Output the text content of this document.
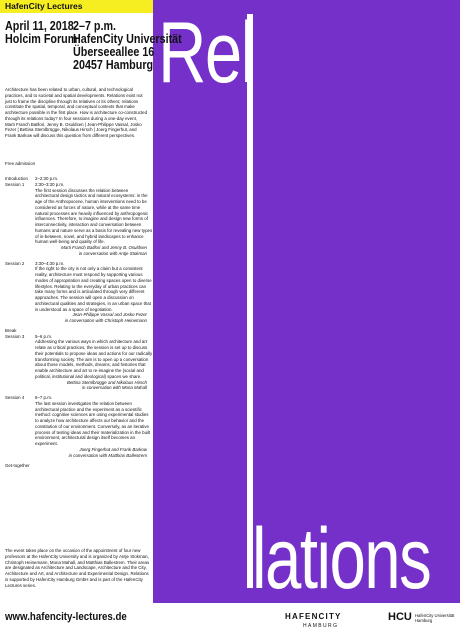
HafenCity Lectures Rel
lations
April 11, 2018 2–7 p.m.
Holcim Forum
HafenCity Universität
Überseeallee 16
20457 Hamburg
Architecture has been related to urban, cultural, and technological practices, and to societal and spatial developments. Relations exist not just to frame the discipline through its relatives or its others; relations constitute the spatial, temporal, and conceptual contexts that make architecture possible in the first place. How is architecture co-constructed through its relations today? In four sessions during a one-day event, Marti Franch Batllori, Jenny B. Osuldsen | Jean-Philippe Vassal, Josko Fezer | Bettina Stemlbrügge, Nikolaus Hirsch | Joerg Fingerhut, and Frank Barkow will discuss this question from different perspectives.
Free admission
Introduction 2–2:30 p.m.
Session 1 2:30–3:30 p.m.
The first session discusses the relation between architectural design tactics and natural ecosystems: in the age of the Anthropocene, human interventions need to be considered as forces of nature, while at the same time natural processes are heavily influenced by anthropogenic influences. Therefore, to imagine and design new forms of interconnectivity, interaction and conversation between humans and nature serve as a basis for revealing new types of in-between, novel, and hybrid landscapes to enhance human well-being and quality of life.
Marti Franch Batllori and Jenny B. Osuldsen
in conversation with Antje Stokman
Session 2 3:30–4:30 p.m.
If the right to the city is not only a claim but a consistent reality, architecture must respond by supporting various modes of appropriation and creating spaces open to diverse lifestyles. Relating to the everyday of urban practices can take many forms and is articulated through very different approaches. The session will open a discussion on architectural qualities and strategies, in an urban space that is understood as a space of negotiation.
Jean-Philippe Vassal and Josko Fezer
in conversation with Christoph Heinemann
Break
Session 3 5–6 p.m.
Addressing the various ways in which architecture and art relate as critical practices, the session is set up to discuss their potentials to propose ideas and actions for our radically transforming society. The aim is to open up a conversation about those models, methods, dreams, and histories that enable architecture and art to re-imagine the (social and political, institutional and ideological) spaces we share.
Bettina Stemlbrügge and Nikolaus Hirsch
in conversation with Mona Mahall
Session 4 6–7 p.m.
The last session investigates the relation between architectural practice and the experiment as a scientific method: cognitive sciences are using experimental studies to analyze how architecture affects our behavior and the constitution of our environment. Conversely, as an iterative process of testing ideas and their materialization in the built environment, architectural design itself becomes an experiment.
Joerg Fingerhut and Frank Barkow
in conversation with Matthias Ballestrem
Get-together
The event takes place on the occasion of the appointment of four new professors at the HafenCity University and is organized by Antje Stokman, Christoph Heinemann, Mona Mahall, and Matthias Ballestrem. Their areas are designated as Architecture and Landscape, Architecture and the City, Architecture and Art, and Architecture and Experimental Design. Relations is supported by HafenCity Hamburg GmbH and is part of the HafenCity Lectures series.
www.hafencity-lectures.de	HAFENCITY
HAMBURG
HCU HafenCity Universität
Hamburg
